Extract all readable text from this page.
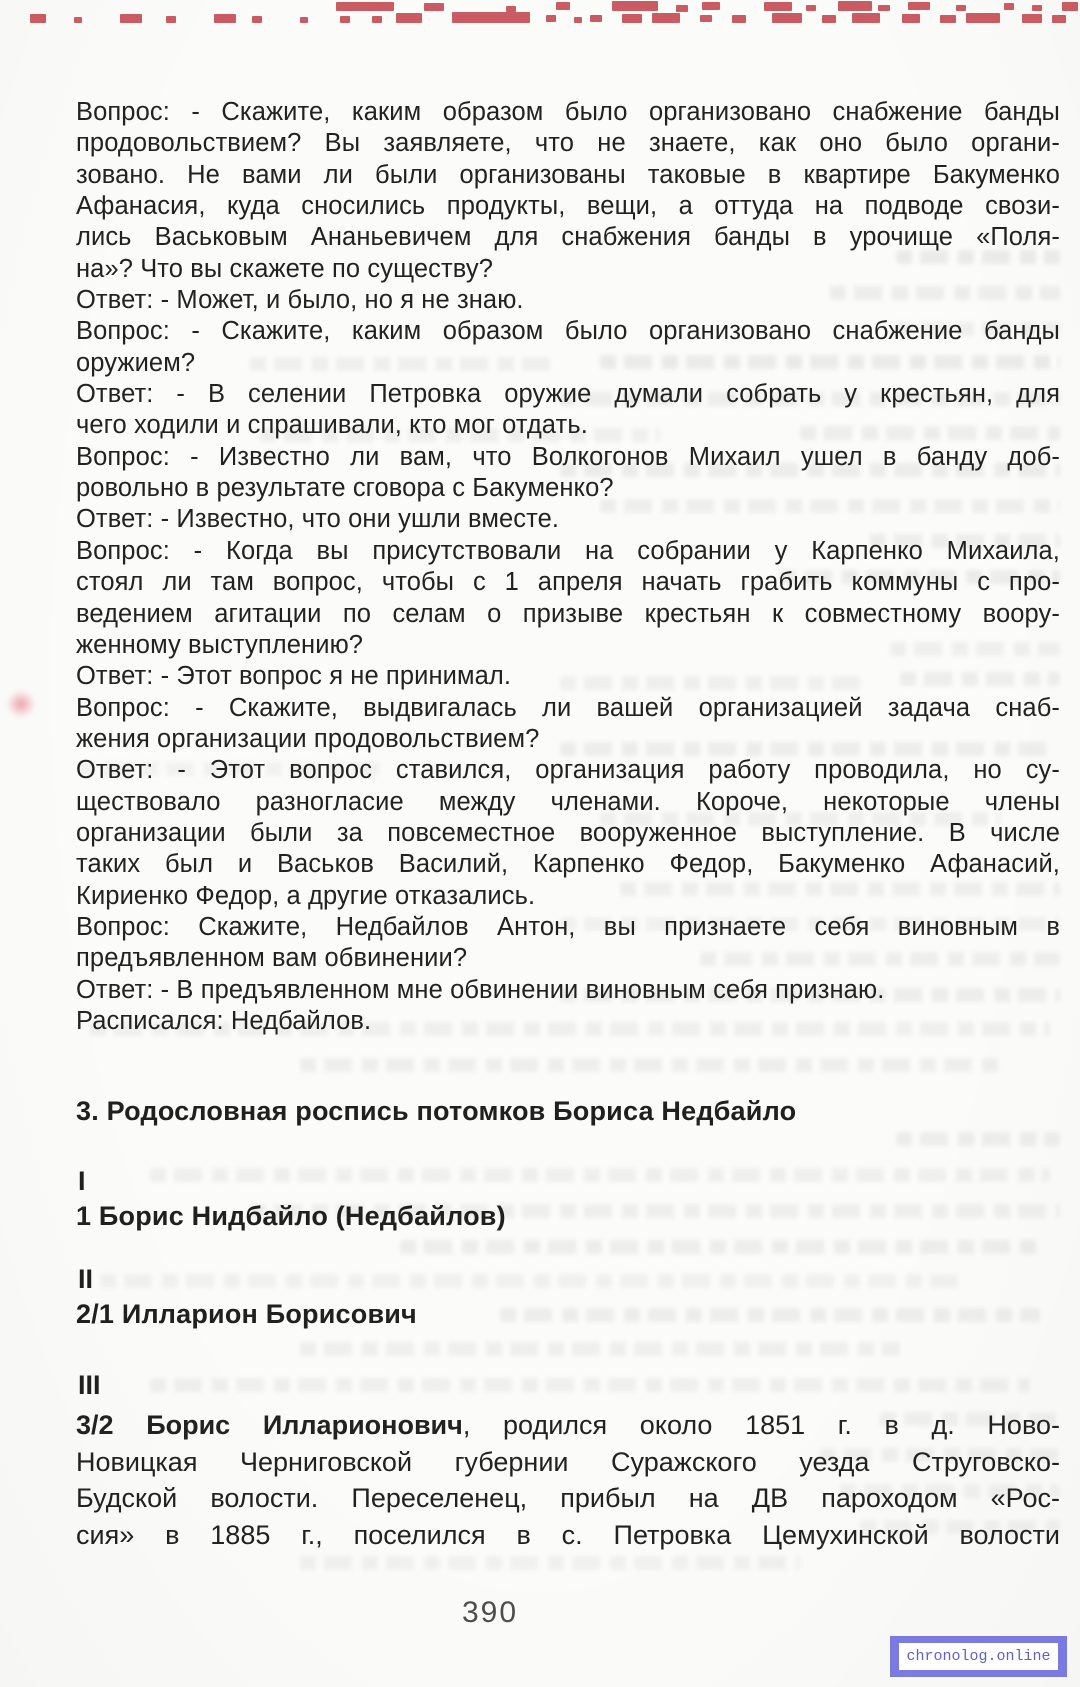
Вопрос: - Скажите, каким образом было организовано снабжение банды
продовольствием? Вы заявляете, что не знаете, как оно было органи-
зовано. Не вами ли были организованы таковые в квартире Бакуменко
Афанасия, куда сносились продукты, вещи, а оттуда на подводе свози-
лись Васьковым Ананьевичем для снабжения банды в урочище «Поля-
на»? Что вы скажете по существу?
Ответ: - Может, и было, но я не знаю.
Вопрос: - Скажите, каким образом было организовано снабжение банды
оружием?
Ответ: - В селении Петровка оружие думали собрать у крестьян, для
чего ходили и спрашивали, кто мог отдать.
Вопрос: - Известно ли вам, что Волкогонов Михаил ушел в банду доб-
ровольно в результате сговора с Бакуменко?
Ответ: - Известно, что они ушли вместе.
Вопрос: - Когда вы присутствовали на собрании у Карпенко Михаила,
стоял ли там вопрос, чтобы с 1 апреля начать грабить коммуны с про-
ведением агитации по селам о призыве крестьян к совместному воору-
женному выступлению?
Ответ: - Этот вопрос я не принимал.
Вопрос: - Скажите, выдвигалась ли вашей организацией задача снаб-
жения организации продовольствием?
Ответ: - Этот вопрос ставился, организация работу проводила, но су-
ществовало разногласие между членами. Короче, некоторые члены
организации были за повсеместное вооруженное выступление. В числе
таких был и Васьков Василий, Карпенко Федор, Бакуменко Афанасий,
Кириенко Федор, а другие отказались.
Вопрос: Скажите, Недбайлов Антон, вы признаете себя виновным в
предъявленном вам обвинении?
Ответ: - В предъявленном мне обвинении виновным себя признаю.
Расписался: Недбайлов.
3. Родословная роспись потомков Бориса Недбайло
I
1 Борис Нидбайло (Недбайлов)
II
2/1 Илларион Борисович
III
3/2 Борис Илларионович, родился около 1851 г. в д. Ново-
Новицкая Черниговской губернии Суражского уезда Струговско-
Будской волости. Переселенец, прибыл на ДВ пароходом «Рос-
сия» в 1885 г., поселился в с. Петровка Цемухинской волости
390
chronolog.online
